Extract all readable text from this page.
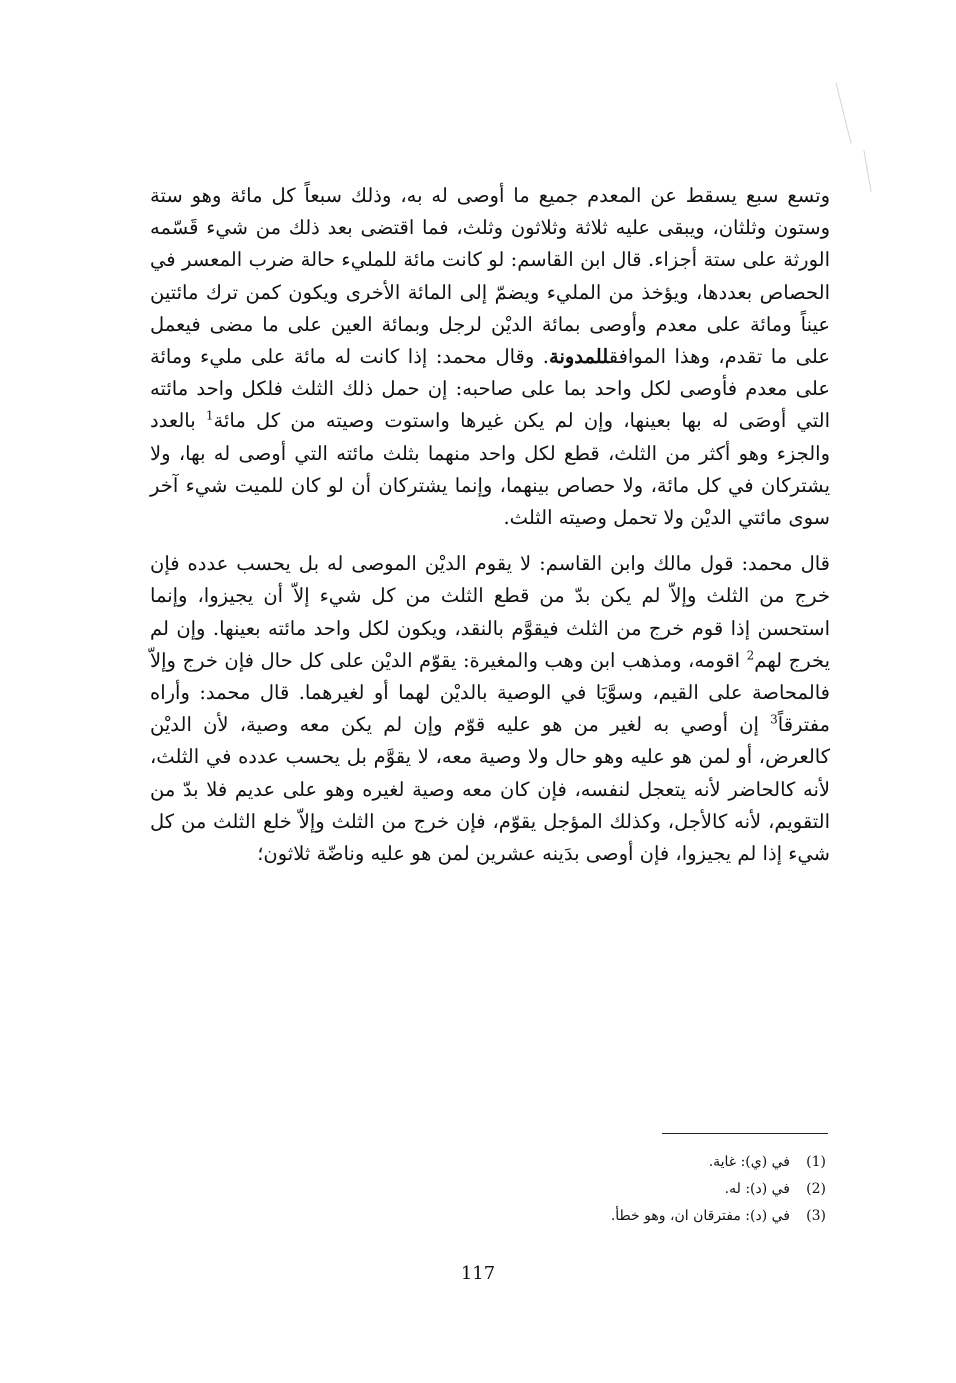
وتسع سبع يسقط عن المعدم جميع ما أوصى له به، وذلك سبعاً كل مائة وهو ستة وستون وثلثان، ويبقى عليه ثلاثة وثلاثون وثلث، فما اقتضى بعد ذلك من شيء قَسّمه الورثة على ستة أجزاء. قال ابن القاسم: لو كانت مائة للمليء حالة ضرب المعسر في الحصاص بعددها، ويؤخذ من المليء ويضمّ إلى المائة الأخرى ويكون كمن ترك مائتين عيناً ومائة على معدم وأوصى بمائة الديْن لرجل وبمائة العين على ما مضى فيعمل على ما تقدم، وهذا الموافقللمدونة. وقال محمد: إذا كانت له مائة على مليء ومائة على معدم فأوصى لكل واحد بما على صاحبه: إن حمل ذلك الثلث فلكل واحد مائته التي أوصَى له بها بعينها، وإن لم يكن غيرها واستوت وصيته من كل مائة$^1$ بالعدد والجزء وهو أكثر من الثلث، قطع لكل واحد منهما بثلث مائته التي أوصى له بها، ولا يشتركان في كل مائة، ولا حصاص بينهما، وإنما يشتركان أن لو كان للميت شيء آخر سوى مائتي الديْن ولا تحمل وصيته الثلث.

قال محمد: قول مالك وابن القاسم: لا يقوم الديْن الموصى له بل يحسب عدده فإن خرج من الثلث وإلاّ لم يكن بدّ من قطع الثلث من كل شيء إلاّ أن يجيزوا، وإنما استحسن إذا قوم خرج من الثلث فيقوَّم بالنقد، ويكون لكل واحد مائته بعينها. وإن لم يخرج لهم$^2$ اقومه، ومذهب ابن وهب والمغيرة: يقوّم الديْن على كل حال فإن خرج وإلاّ فالمحاصة على القيم، وسوَّيَا في الوصية بالديْن لهما أو لغيرهما. قال محمد: وأراه مفترقاً$^3$ إن أوصي به لغير من هو عليه قوّم وإن لم يكن معه وصية، لأن الديْن كالعرض، أو لمن هو عليه وهو حال ولا وصية معه، لا يقوَّم بل يحسب عدده في الثلث، لأنه كالحاضر لأنه يتعجل لنفسه، فإن كان معه وصية لغيره وهو على عديم فلا بدّ من التقويم، لأنه كالأجل، وكذلك المؤجل يقوّم، فإن خرج من الثلث وإلاّ خلع الثلث من كل شيء إذا لم يجيزوا، فإن أوصى بدَينه عشرين لمن هو عليه وناضّة ثلاثون؛

(1)في (ي): غاية.
(2)في (د): له.
(3)في (د): مفترقان ان، وهو خطأ.
117
